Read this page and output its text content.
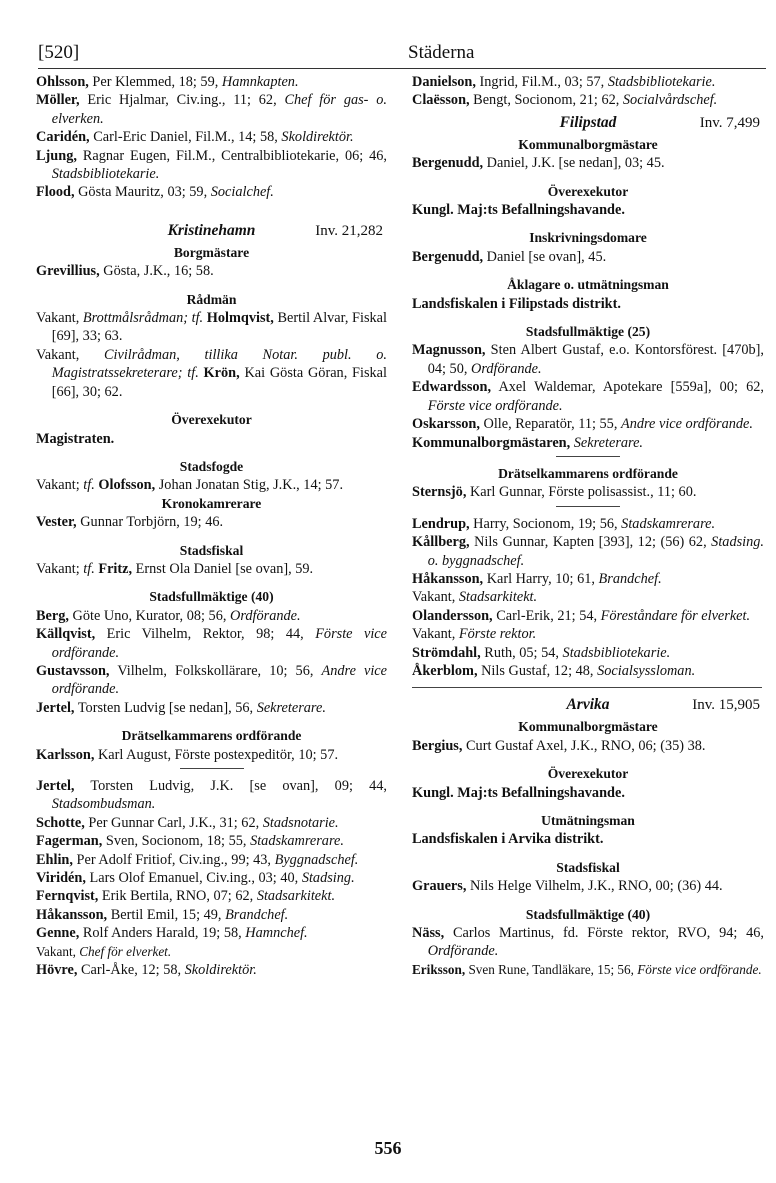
[520]	Städerna

Ohlsson, Per Klemmed, 18; 59, Hamnkapten.

Möller, Eric Hjalmar, Civ.ing., 11; 62, Chef för gas- o. elverken.

Caridén, Carl-Eric Daniel, Fil.M., 14; 58, Skoldirektör.

Ljung, Ragnar Eugen, Fil.M., Centralbibliotekarie, 06; 46, Stadsbibliotekarie.

Flood, Gösta Mauritz, 03; 59, Socialchef.

Kristinehamn	Inv. 21,282

Borgmästare

Grevillius, Gösta, J.K., 16; 58.

Rådmän

Vakant, Brottmålsrådman; tf. Holmqvist, Bertil Alvar, Fiskal [69], 33; 63.

Vakant, Civilrådman, tillika Notar. publ. o. Magistratssekreterare; tf. Krön, Kai Gösta Göran, Fiskal [66], 30; 62.

Överexekutor

Magistraten.

Stadsfogde

Vakant; tf. Olofsson, Johan Jonatan Stig, J.K., 14; 57.

Kronokamrerare

Vester, Gunnar Torbjörn, 19; 46.

Stadsfiskal

Vakant; tf. Fritz, Ernst Ola Daniel [se ovan], 59.

Stadsfullmäktige (40)

Berg, Göte Uno, Kurator, 08; 56, Ordförande.

Källqvist, Eric Vilhelm, Rektor, 98; 44, Förste vice ordförande.

Gustavsson, Vilhelm, Folkskollärare, 10; 56, Andre vice ordförande.

Jertel, Torsten Ludvig [se nedan], 56, Sekreterare.

Drätselkammarens ordförande

Karlsson, Karl August, Förste postexpeditör, 10; 57.

Jertel, Torsten Ludvig, J.K. [se ovan], 09; 44, Stadsombudsman.

Schotte, Per Gunnar Carl, J.K., 31; 62, Stadsnotarie.

Fagerman, Sven, Socionom, 18; 55, Stadskamrerare.

Ehlin, Per Adolf Fritiof, Civ.ing., 99; 43, Byggnadschef.

Viridén, Lars Olof Emanuel, Civ.ing., 03; 40, Stadsing.

Fernqvist, Erik Bertila, RNO, 07; 62, Stadsarkitekt.

Håkansson, Bertil Emil, 15; 49, Brandchef.

Genne, Rolf Anders Harald, 19; 58, Hamnchef.

Vakant, Chef för elverket.

Hövre, Carl-Åke, 12; 58, Skoldirektör.

Danielson, Ingrid, Fil.M., 03; 57, Stadsbibliotekarie.

Claësson, Bengt, Socionom, 21; 62, Socialvårdschef.

Filipstad	Inv. 7,499

Kommunalborgmästare

Bergenudd, Daniel, J.K. [se nedan], 03; 45.

Överexekutor

Kungl. Maj:ts Befallningshavande.

Inskrivningsdomare

Bergenudd, Daniel [se ovan], 45.

Åklagare o. utmätningsman

Landsfiskalen i Filipstads distrikt.

Stadsfullmäktige (25)

Magnusson, Sten Albert Gustaf, e.o. Kontorsförest. [470b], 04; 50, Ordförande.

Edwardsson, Axel Waldemar, Apotekare [559a], 00; 62, Förste vice ordförande.

Oskarsson, Olle, Reparatör, 11; 55, Andre vice ordförande.

Kommunalborgmästaren, Sekreterare.

Drätselkammarens ordförande

Sternsjö, Karl Gunnar, Förste polisassist., 11; 60.

Lendrup, Harry, Socionom, 19; 56, Stadskamrerare.

Kållberg, Nils Gunnar, Kapten [393], 12; (56) 62, Stadsing. o. byggnadschef.

Håkansson, Karl Harry, 10; 61, Brandchef.

Vakant, Stadsarkitekt.

Olandersson, Carl-Erik, 21; 54, Föreståndare för elverket.

Vakant, Förste rektor.

Strömdahl, Ruth, 05; 54, Stadsbibliotekarie.

Åkerblom, Nils Gustaf, 12; 48, Socialsyssloman.

Arvika	Inv. 15,905

Kommunalborgmästare

Bergius, Curt Gustaf Axel, J.K., RNO, 06; (35) 38.

Överexekutor

Kungl. Maj:ts Befallningshavande.

Utmätningsman

Landsfiskalen i Arvika distrikt.

Stadsfiskal

Grauers, Nils Helge Vilhelm, J.K., RNO, 00; (36) 44.

Stadsfullmäktige (40)

Näss, Carlos Martinus, fd. Förste rektor, RVO, 94; 46, Ordförande.

Eriksson, Sven Rune, Tandläkare, 15; 56, Förste vice ordförande.

556
